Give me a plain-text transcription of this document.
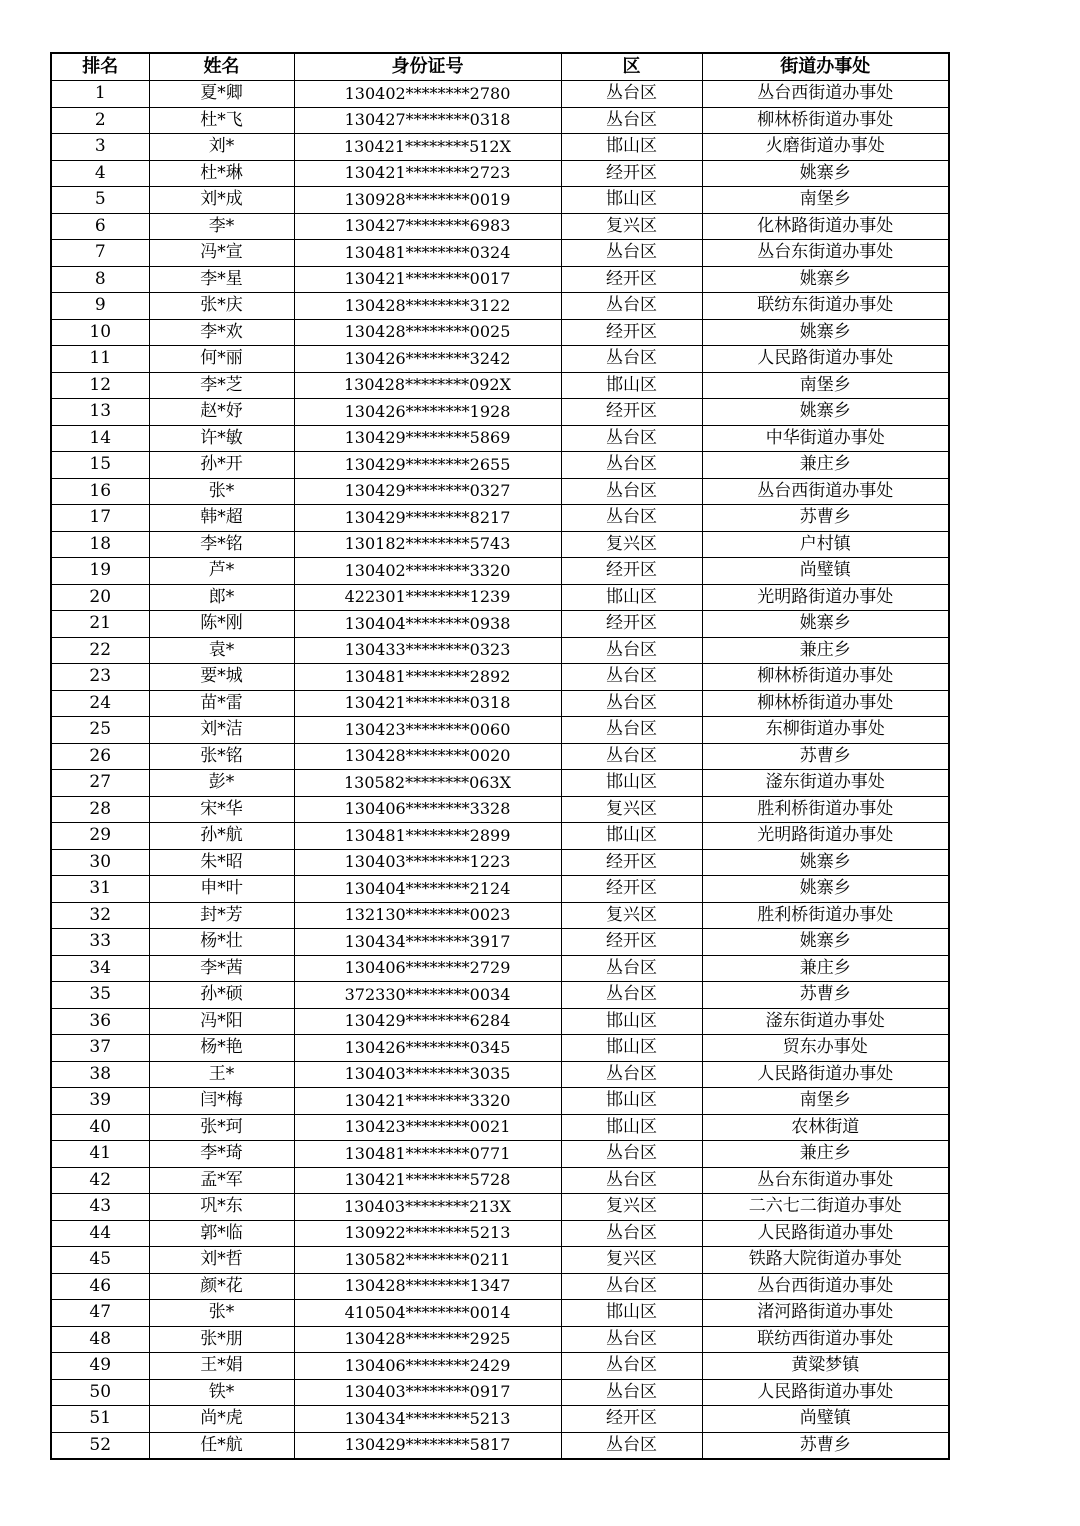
排名	姓名	身份证号	区	街道办事处
1	夏*卿	130402********2780	丛台区	丛台西街道办事处
2	杜*飞	130427********0318	丛台区	柳林桥街道办事处
3	刘*	130421********512X	邯山区	火磨街道办事处
4	杜*琳	130421********2723	经开区	姚寨乡
5	刘*成	130928********0019	邯山区	南堡乡
6	李*	130427********6983	复兴区	化林路街道办事处
7	冯*宣	130481********0324	丛台区	丛台东街道办事处
8	李*星	130421********0017	经开区	姚寨乡
9	张*庆	130428********3122	丛台区	联纺东街道办事处
10	李*欢	130428********0025	经开区	姚寨乡
11	何*丽	130426********3242	丛台区	人民路街道办事处
12	李*芝	130428********092X	邯山区	南堡乡
13	赵*妤	130426********1928	经开区	姚寨乡
14	许*敏	130429********5869	丛台区	中华街道办事处
15	孙*开	130429********2655	丛台区	兼庄乡
16	张*	130429********0327	丛台区	丛台西街道办事处
17	韩*超	130429********8217	丛台区	苏曹乡
18	李*铭	130182********5743	复兴区	户村镇
19	芦*	130402********3320	经开区	尚璧镇
20	郎*	422301********1239	邯山区	光明路街道办事处
21	陈*刚	130404********0938	经开区	姚寨乡
22	袁*	130433********0323	丛台区	兼庄乡
23	要*城	130481********2892	丛台区	柳林桥街道办事处
24	苗*雷	130421********0318	丛台区	柳林桥街道办事处
25	刘*洁	130423********0060	丛台区	东柳街道办事处
26	张*铭	130428********0020	丛台区	苏曹乡
27	彭*	130582********063X	邯山区	滏东街道办事处
28	宋*华	130406********3328	复兴区	胜利桥街道办事处
29	孙*航	130481********2899	邯山区	光明路街道办事处
30	朱*昭	130403********1223	经开区	姚寨乡
31	申*叶	130404********2124	经开区	姚寨乡
32	封*芳	132130********0023	复兴区	胜利桥街道办事处
33	杨*壮	130434********3917	经开区	姚寨乡
34	李*茜	130406********2729	丛台区	兼庄乡
35	孙*硕	372330********0034	丛台区	苏曹乡
36	冯*阳	130429********6284	邯山区	滏东街道办事处
37	杨*艳	130426********0345	邯山区	贸东办事处
38	王*	130403********3035	丛台区	人民路街道办事处
39	闫*梅	130421********3320	邯山区	南堡乡
40	张*珂	130423********0021	邯山区	农林街道
41	李*琦	130481********0771	丛台区	兼庄乡
42	孟*军	130421********5728	丛台区	丛台东街道办事处
43	巩*东	130403********213X	复兴区	二六七二街道办事处
44	郭*临	130922********5213	丛台区	人民路街道办事处
45	刘*哲	130582********0211	复兴区	铁路大院街道办事处
46	颜*花	130428********1347	丛台区	丛台西街道办事处
47	张*	410504********0014	邯山区	渚河路街道办事处
48	张*朋	130428********2925	丛台区	联纺西街道办事处
49	王*娟	130406********2429	丛台区	黄粱梦镇
50	铁*	130403********0917	丛台区	人民路街道办事处
51	尚*虎	130434********5213	经开区	尚璧镇
52	任*航	130429********5817	丛台区	苏曹乡
